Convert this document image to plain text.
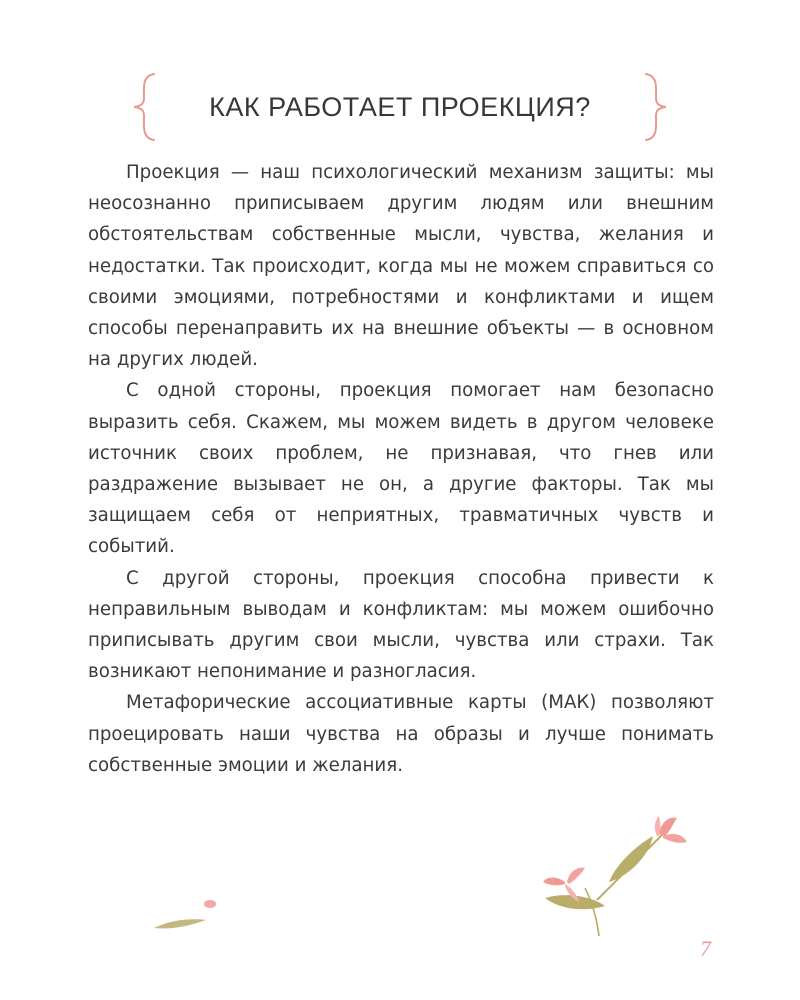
КАК РАБОТАЕТ ПРОЕКЦИЯ?

Проекция — наш психологический механизм защиты: мы неосознанно приписываем другим людям или внешним обстоятельствам собственные мысли, чувства, желания и недостатки. Так происходит, когда мы не можем справиться со своими эмоциями, потребностями и конфликтами и ищем способы перенаправить их на внешние объекты — в основном на других людей.

С одной стороны, проекция помогает нам безопасно выразить себя. Скажем, мы можем видеть в другом человеке источник своих проблем, не признавая, что гнев или раздражение вызывает не он, а другие факторы. Так мы защищаем себя от неприятных, травматичных чувств и событий.

С другой стороны, проекция способна привести к неправильным выводам и конфликтам: мы можем ошибочно приписывать другим свои мысли, чувства или страхи. Так возникают непонимание и разногласия.

Метафорические ассоциативные карты (МАК) позволяют проецировать наши чувства на образы и лучше понимать собственные эмоции и желания.

7
